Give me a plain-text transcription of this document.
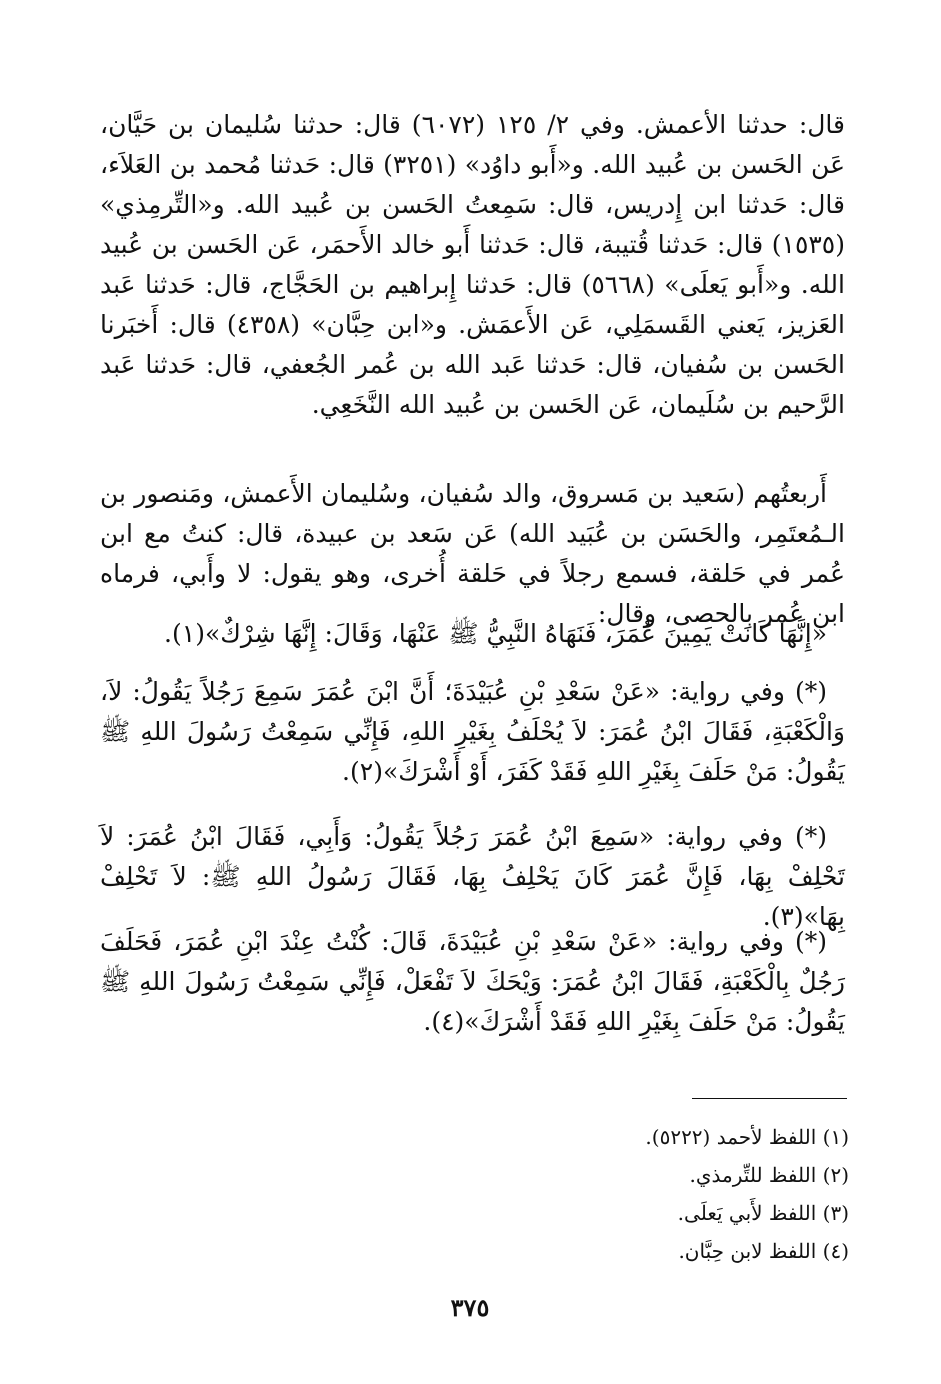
قال: حدثنا الأعمش. وفي ٢/ ١٢٥ (٦٠٧٢) قال: حدثنا سُليمان بن حَيَّان، عَن الحَسن بن عُبيد الله. و«أَبو داوُد» (٣٢٥١) قال: حَدثنا مُحمد بن العَلاَء، قال: حَدثنا ابن إِدريس، قال: سَمِعتُ الحَسن بن عُبيد الله. و«التِّرمِذي» (١٥٣٥) قال: حَدثنا قُتيبة، قال: حَدثنا أَبو خالد الأَحمَر، عَن الحَسن بن عُبيد الله. و«أَبو يَعلَى» (٥٦٦٨) قال: حَدثنا إِبراهيم بن الحَجَّاج، قال: حَدثنا عَبد العَزيز، يَعني القَسمَلِي، عَن الأَعمَش. و«ابن حِبَّان» (٤٣٥٨) قال: أَخبَرنا الحَسن بن سُفيان، قال: حَدثنا عَبد الله بن عُمر الجُعفي، قال: حَدثنا عَبد الرَّحيم بن سُلَيمان، عَن الحَسن بن عُبيد الله النَّخَعِي.

أَربعتُهم (سَعيد بن مَسروق، والد سُفيان، وسُليمان الأَعمش، ومَنصور بن الـمُعتَمِر، والحَسَن بن عُبَيد الله) عَن سَعد بن عبيدة، قال: كنتُ مع ابن عُمر في حَلقة، فسمع رجلاً في حَلقة أُخرى، وهو يقول: لا وأَبي، فرماه ابن عُمر بالحصى، وقال:

«إِنَّهَا كَانَتْ يَمِينَ عُمَرَ، فَنَهَاهُ النَّبِيُّ ﷺ عَنْهَا، وَقَالَ: إِنَّهَا شِرْكٌ»(١).

(*) وفي رواية: «عَنْ سَعْدِ بْنِ عُبَيْدَةَ؛ أَنَّ ابْنَ عُمَرَ سَمِعَ رَجُلاً يَقُولُ: لاَ، وَالْكَعْبَةِ، فَقَالَ ابْنُ عُمَرَ: لاَ يُحْلَفُ بِغَيْرِ اللهِ، فَإِنِّي سَمِعْتُ رَسُولَ اللهِ ﷺ يَقُولُ: مَنْ حَلَفَ بِغَيْرِ اللهِ فَقَدْ كَفَرَ، أَوْ أَشْرَكَ»(٢).

(*) وفي رواية: «سَمِعَ ابْنُ عُمَرَ رَجُلاً يَقُولُ: وَأَبِي، فَقَالَ ابْنُ عُمَرَ: لاَ تَحْلِفْ بِهَا، فَإِنَّ عُمَرَ كَانَ يَحْلِفُ بِهَا، فَقَالَ رَسُولُ اللهِ ﷺ: لاَ تَحْلِفْ بِهَا»(٣).

(*) وفي رواية: «عَنْ سَعْدِ بْنِ عُبَيْدَةَ، قَالَ: كُنْتُ عِنْدَ ابْنِ عُمَرَ، فَحَلَفَ رَجُلٌ بِالْكَعْبَةِ، فَقَالَ ابْنُ عُمَرَ: وَيْحَكَ لاَ تَفْعَلْ، فَإِنِّي سَمِعْتُ رَسُولَ اللهِ ﷺ يَقُولُ: مَنْ حَلَفَ بِغَيْرِ اللهِ فَقَدْ أَشْرَكَ»(٤).

(١) اللفظ لأحمد (٥٢٢٢).

(٢) اللفظ للتِّرمذي.

(٣) اللفظ لأَبي يَعلَى.

(٤) اللفظ لابن حِبَّان.

٣٧٥
